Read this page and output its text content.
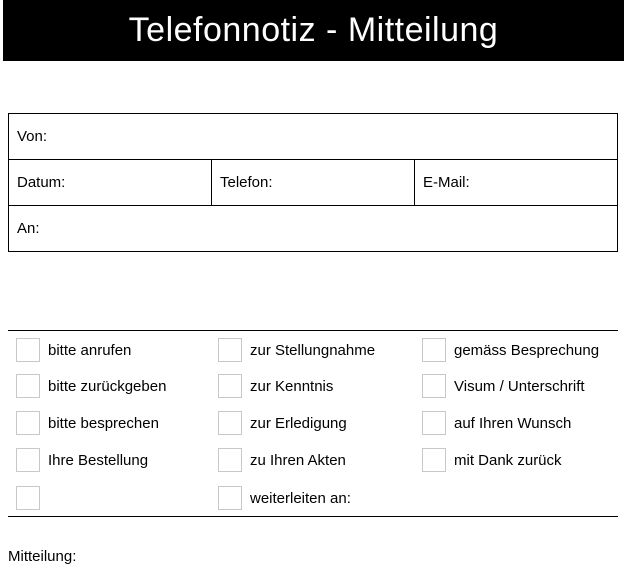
Telefonnotiz - Mitteilung
Von:
Datum:	Telefon:	E-Mail:
An:
bitte anrufen
bitte zurückgeben
bitte besprechen
Ihre Bestellung
zur Stellungnahme
zur Kenntnis
zur Erledigung
zu Ihren Akten
weiterleiten an:
gemäss Besprechung
Visum / Unterschrift
auf Ihren Wunsch
mit Dank zurück
Mitteilung:
